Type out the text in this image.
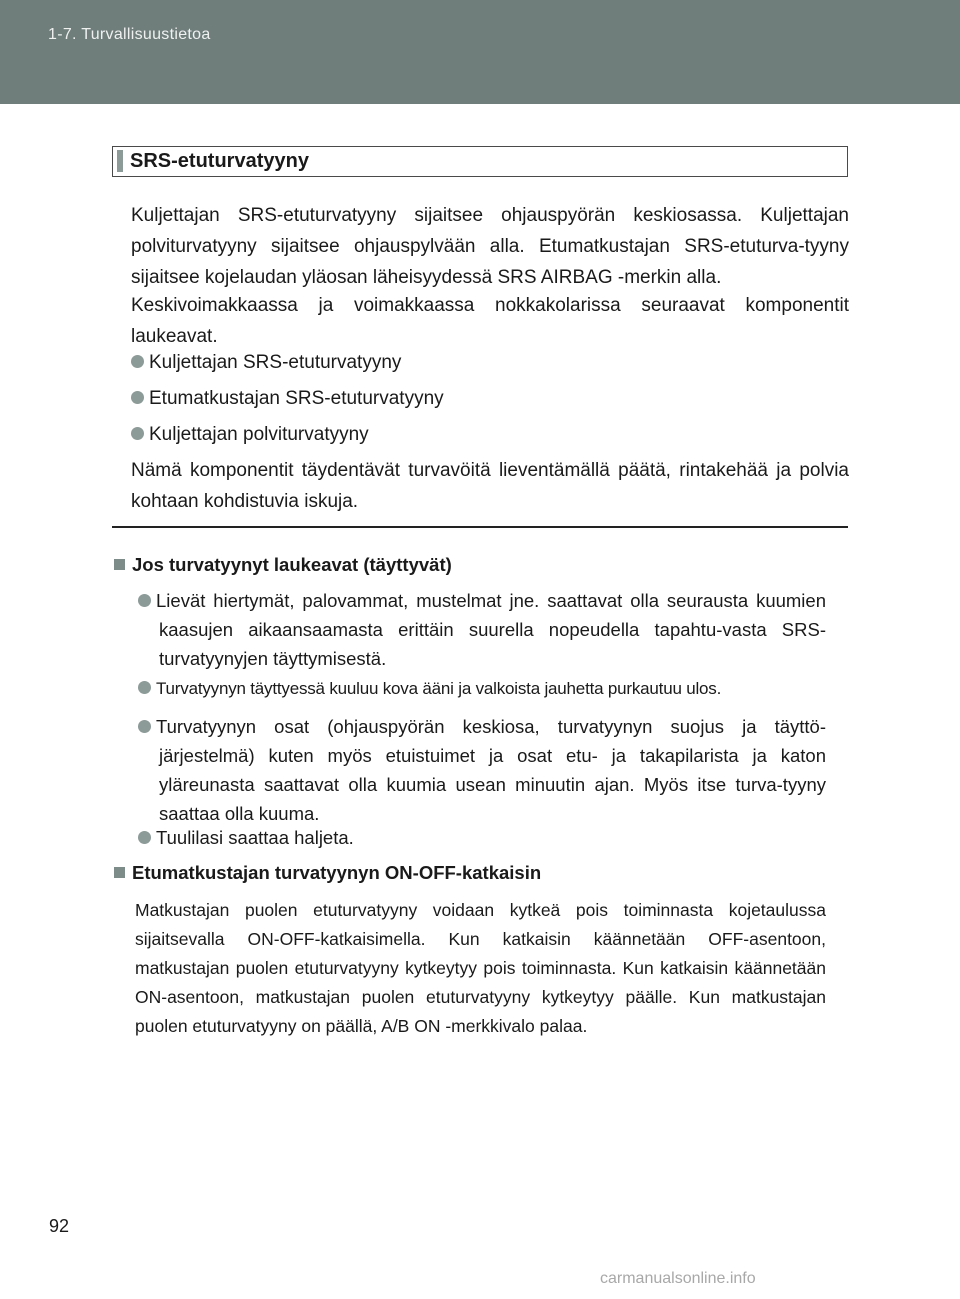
1-7. Turvallisuustietoa
SRS-etuturvatyyny
Kuljettajan SRS-etuturvatyyny sijaitsee ohjauspyörän keskiosassa. Kuljettajan polviturvatyyny sijaitsee ohjauspylvään alla. Etumatkustajan SRS-etuturva-tyyny sijaitsee kojelaudan yläosan läheisyydessä SRS AIRBAG -merkin alla.
Keskivoimakkaassa ja voimakkaassa nokkakolarissa seuraavat komponentit laukeavat.
Kuljettajan SRS-etuturvatyyny
Etumatkustajan SRS-etuturvatyyny
Kuljettajan polviturvatyyny
Nämä komponentit täydentävät turvavöitä lieventämällä päätä, rintakehää ja polvia kohtaan kohdistuvia iskuja.
Jos turvatyynyt laukeavat (täyttyvät)
Lievät hiertymät, palovammat, mustelmat jne. saattavat olla seurausta kuumien kaasujen aikaansaamasta erittäin suurella nopeudella tapahtu-vasta SRS-turvatyynyjen täyttymisestä.
Turvatyynyn täyttyessä kuuluu kova ääni ja valkoista jauhetta purkautuu ulos.
Turvatyynyn osat (ohjauspyörän keskiosa, turvatyynyn suojus ja täyttö-järjestelmä) kuten myös etuistuimet ja osat etu- ja takapilarista ja katon yläreunasta saattavat olla kuumia usean minuutin ajan. Myös itse turva-tyyny saattaa olla kuuma.
Tuulilasi saattaa haljeta.
Etumatkustajan turvatyynyn ON-OFF-katkaisin
Matkustajan puolen etuturvatyyny voidaan kytkeä pois toiminnasta kojetaulussa sijaitsevalla ON-OFF-katkaisimella. Kun katkaisin käännetään OFF-asentoon, matkustajan puolen etuturvatyyny kytkeytyy pois toiminnasta. Kun katkaisin käännetään ON-asentoon, matkustajan puolen etuturvatyyny kytkeytyy päälle. Kun matkustajan puolen etuturvatyyny on päällä, A/B ON -merkkivalo palaa.
92
carmanualsonline.info
